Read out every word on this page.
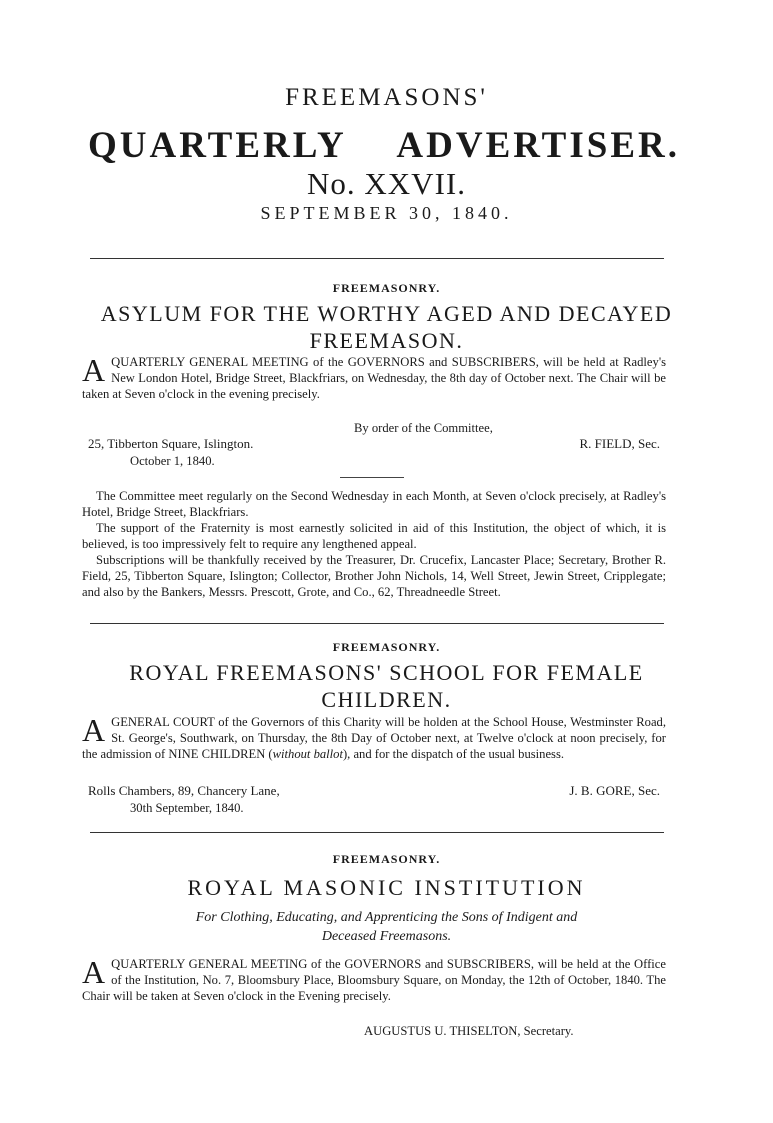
FREEMASONS'
QUARTERLY ADVERTISER.
No. XXVII.
SEPTEMBER 30, 1840.
FREEMASONRY.
ASYLUM FOR THE WORTHY AGED AND DECAYED
FREEMASON.
A QUARTERLY GENERAL MEETING of the GOVERNORS and SUBSCRIBERS, will be held at Radley's New London Hotel, Bridge Street, Blackfriars, on Wednesday, the 8th day of October next. The Chair will be taken at Seven o'clock in the evening precisely.
By order of the Committee,
25, Tibberton Square, Islington.	R. FIELD, Sec.
October 1, 1840.
The Committee meet regularly on the Second Wednesday in each Month, at Seven o'clock precisely, at Radley's Hotel, Bridge Street, Blackfriars.
The support of the Fraternity is most earnestly solicited in aid of this Institution, the object of which, it is believed, is too impressively felt to require any lengthened appeal.
Subscriptions will be thankfully received by the Treasurer, Dr. Crucefix, Lancaster Place; Secretary, Brother R. Field, 25, Tibberton Square, Islington; Collector, Brother John Nichols, 14, Well Street, Jewin Street, Cripplegate; and also by the Bankers, Messrs. Prescott, Grote, and Co., 62, Threadneedle Street.
FREEMASONRY.
ROYAL FREEMASONS' SCHOOL FOR FEMALE
CHILDREN.
A GENERAL COURT of the Governors of this Charity will be holden at the School House, Westminster Road, St. George's, Southwark, on Thursday, the 8th Day of October next, at Twelve o'clock at noon precisely, for the admission of NINE CHILDREN (without ballot), and for the dispatch of the usual business.
Rolls Chambers, 89, Chancery Lane,	J. B. GORE, Sec.
30th September, 1840.
FREEMASONRY.
ROYAL MASONIC INSTITUTION
For Clothing, Educating, and Apprenticing the Sons of Indigent and
Deceased Freemasons.
A QUARTERLY GENERAL MEETING of the GOVERNORS and SUBSCRIBERS, will be held at the Office of the Institution, No. 7, Bloomsbury Place, Bloomsbury Square, on Monday, the 12th of October, 1840. The Chair will be taken at Seven o'clock in the Evening precisely.
AUGUSTUS U. THISELTON, Secretary.
